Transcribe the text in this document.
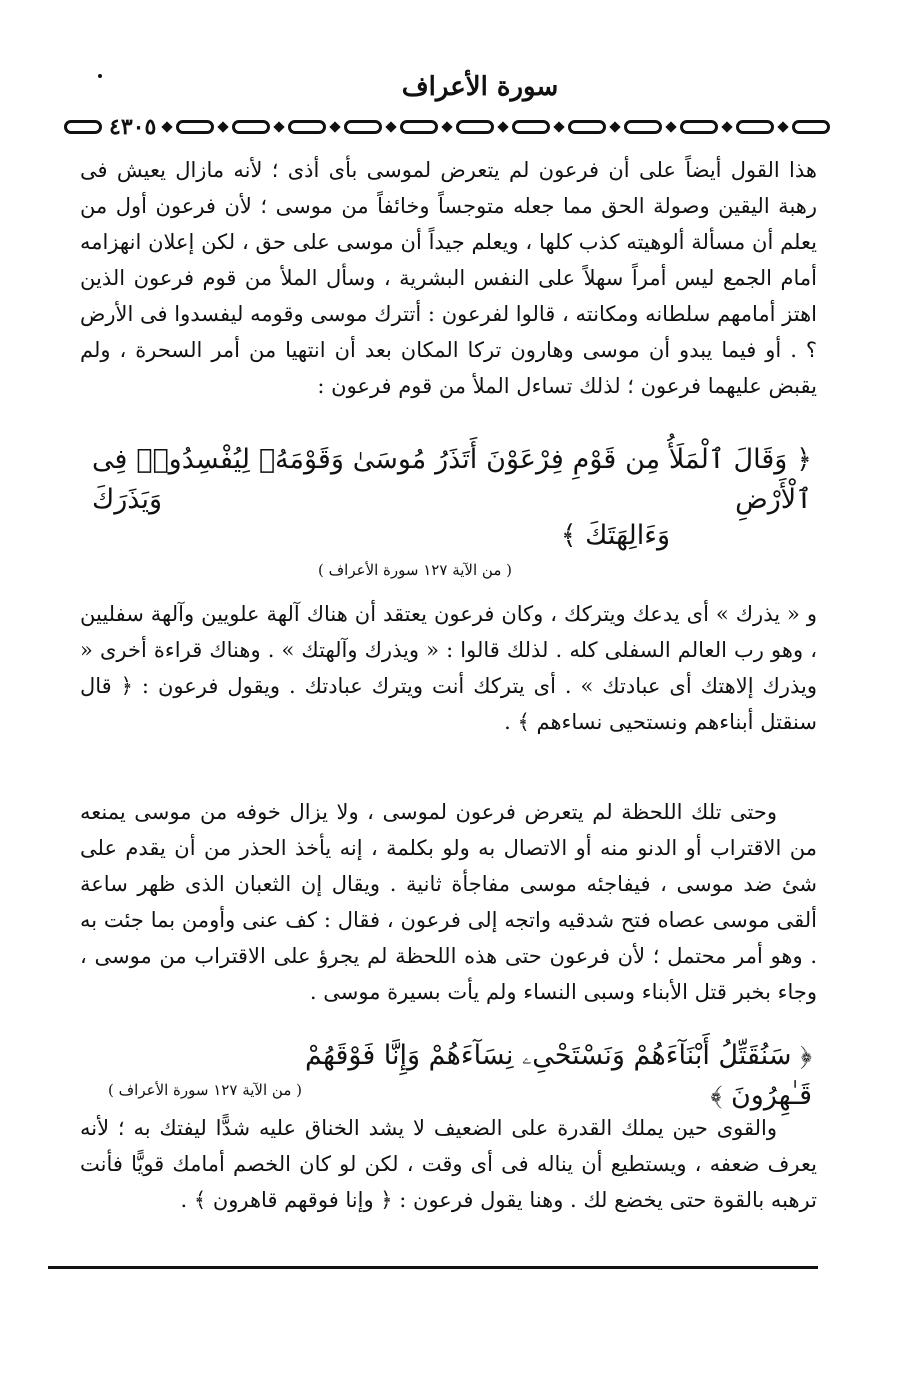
سورة الأعراف
٤٣٠٥

هذا القول أيضاً على أن فرعون لم يتعرض لموسى بأى أذى ؛ لأنه مازال يعيش فى رهبة اليقين وصولة الحق مما جعله متوجساً وخائفاً من موسى ؛ لأن فرعون أول من يعلم أن مسألة ألوهيته كذب كلها ، ويعلم جيداً أن موسى على حق ، لكن إعلان انهزامه أمام الجمع ليس أمراً سهلاً على النفس البشرية ، وسأل الملأ من قوم فرعون الذين اهتز أمامهم سلطانه ومكانته ، قالوا لفرعون : أتترك موسى وقومه ليفسدوا فى الأرض ؟ . أو فيما يبدو أن موسى وهارون تركا المكان بعد أن انتهيا من أمر السحرة ، ولم يقبض عليهما فرعون ؛ لذلك تساءل الملأ من قوم فرعون :

﴿ وَقَالَ ٱلْمَلَأُ مِن قَوْمِ فِرْعَوْنَ أَتَذَرُ مُوسَىٰ وَقَوْمَهُۥ لِيُفْسِدُوا۟ فِى ٱلْأَرْضِ وَيَذَرَكَ
وَءَالِهَتَكَ ﴾
( من الآية ١٢٧ سورة الأعراف )

و « يذرك » أى يدعك ويتركك ، وكان فرعون يعتقد أن هناك آلهة علويين وآلهة سفليين ، وهو رب العالم السفلى كله . لذلك قالوا : « ويذرك وآلهتك » . وهناك قراءة أخرى « ويذرك إلاهتك أى عبادتك » . أى يتركك أنت ويترك عبادتك . ويقول فرعون : ﴿ قال سنقتل أبناءهم ونستحيى نساءهم ﴾ .

وحتى تلك اللحظة لم يتعرض فرعون لموسى ، ولا يزال خوفه من موسى يمنعه من الاقتراب أو الدنو منه أو الاتصال به ولو بكلمة ، إنه يأخذ الحذر من أن يقدم على شئ ضد موسى ، فيفاجئه موسى مفاجأة ثانية . ويقال إن الثعبان الذى ظهر ساعة ألقى موسى عصاه فتح شدقيه واتجه إلى فرعون ، فقال : كف عنى وأومن بما جئت به . وهو أمر محتمل ؛ لأن فرعون حتى هذه اللحظة لم يجرؤ على الاقتراب من موسى ، وجاء بخبر قتل الأبناء وسبى النساء ولم يأت بسيرة موسى .

﴿ سَنُقَتِّلُ أَبْنَآءَهُمْ وَنَسْتَحْىِۦ نِسَآءَهُمْ وَإِنَّا فَوْقَهُمْ قَـٰهِرُونَ ﴾
( من الآية ١٢٧ سورة الأعراف )

والقوى حين يملك القدرة على الضعيف لا يشد الخناق عليه شدًّا ليفتك به ؛ لأنه يعرف ضعفه ، ويستطيع أن يناله فى أى وقت ، لكن لو كان الخصم أمامك قويًّا فأنت ترهبه بالقوة حتى يخضع لك . وهنا يقول فرعون : ﴿ وإنا فوقهم قاهرون ﴾ .
